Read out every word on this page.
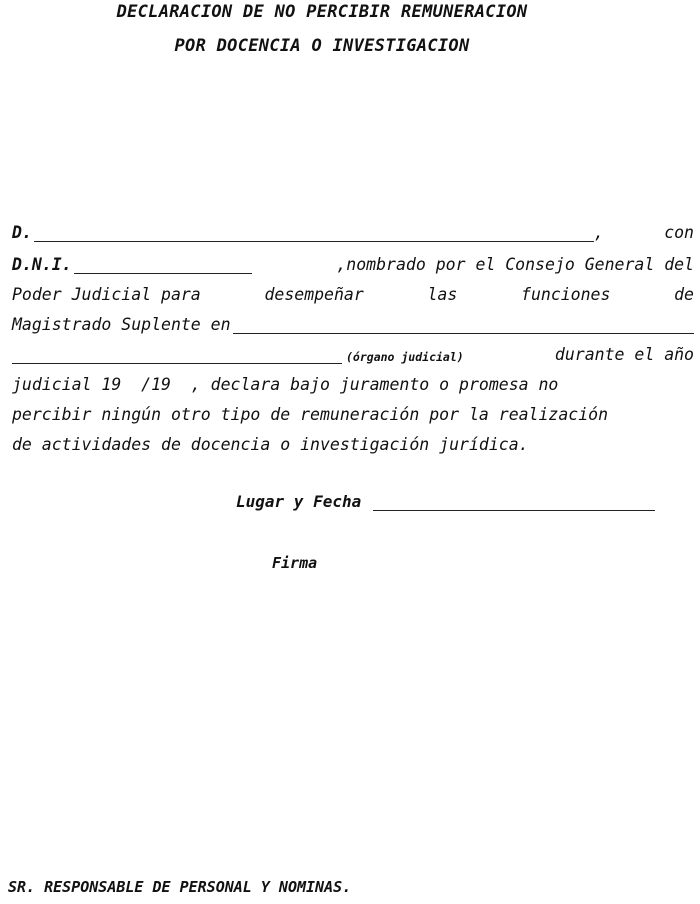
DECLARACION DE NO PERCIBIR REMUNERACION
POR DOCENCIA O INVESTIGACION
D.	,	con
D.N.I.	,nombrado por el Consejo General del
Poder Judicial para	desempeñar	las	funciones	de
Magistrado Suplente en
(órgano judicial)	durante el año
judicial 19  /19  , declara bajo juramento o promesa no
percibir ningún otro tipo de remuneración por la realización
de actividades de docencia o investigación jurídica.
Lugar y Fecha
Firma
SR. RESPONSABLE DE PERSONAL Y NOMINAS.
